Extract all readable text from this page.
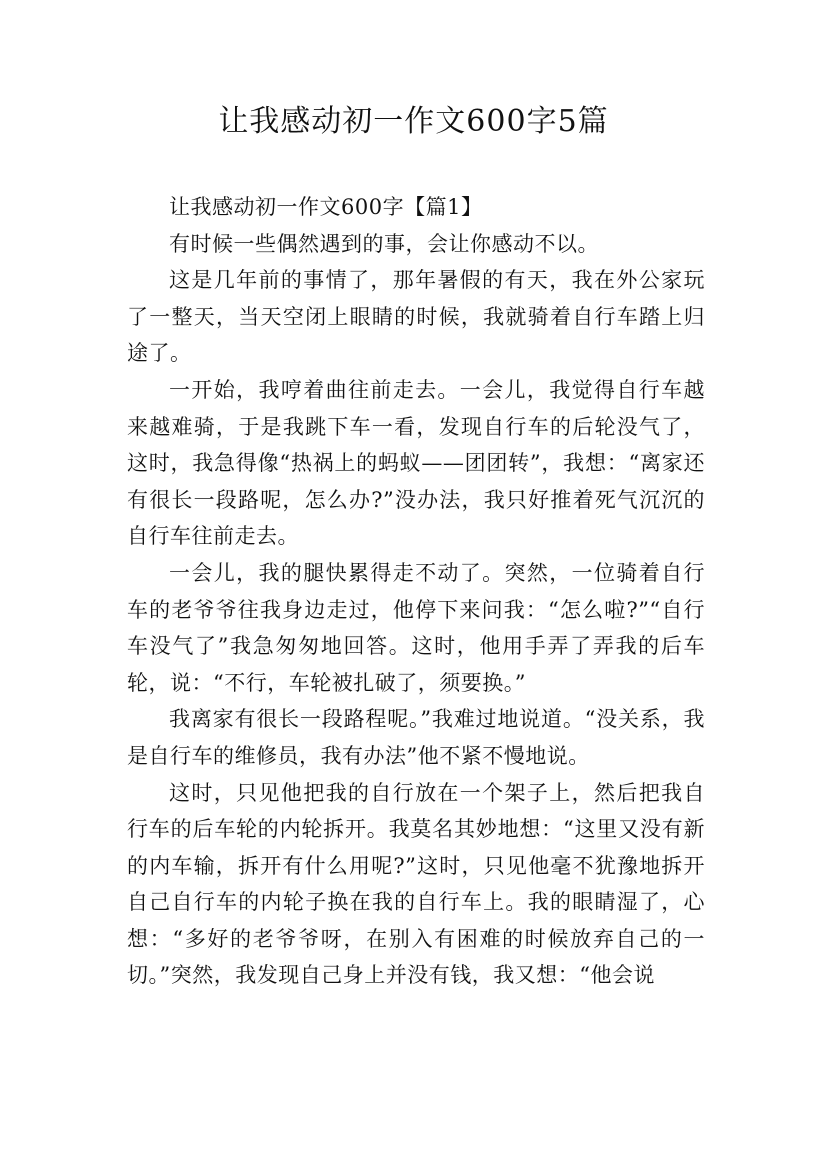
让我感动初一作文600字5篇

让我感动初一作文600字【篇1】

有时候一些偶然遇到的事，会让你感动不以。

这是几年前的事情了，那年暑假的有天，我在外公家玩了一整天，当天空闭上眼睛的时候，我就骑着自行车踏上归途了。

一开始，我哼着曲往前走去。一会儿，我觉得自行车越来越难骑，于是我跳下车一看，发现自行车的后轮没气了，这时，我急得像“热祸上的蚂蚁——团团转”，我想：“离家还有很长一段路呢，怎么办?”没办法，我只好推着死气沉沉的自行车往前走去。

一会儿，我的腿快累得走不动了。突然，一位骑着自行车的老爷爷往我身边走过，他停下来问我：“怎么啦?”“自行车没气了”我急匆匆地回答。这时，他用手弄了弄我的后车轮，说：“不行，车轮被扎破了，须要换。”

我离家有很长一段路程呢。”我难过地说道。“没关系，我是自行车的维修员，我有办法”他不紧不慢地说。

这时，只见他把我的自行放在一个架子上，然后把我自行车的后车轮的内轮拆开。我莫名其妙地想：“这里又没有新的内车输，拆开有什么用呢?”这时，只见他毫不犹豫地拆开自己自行车的内轮子换在我的自行车上。我的眼睛湿了，心想：“多好的老爷爷呀，在别入有困难的时候放弃自己的一切。”突然，我发现自己身上并没有钱，我又想：“他会说
